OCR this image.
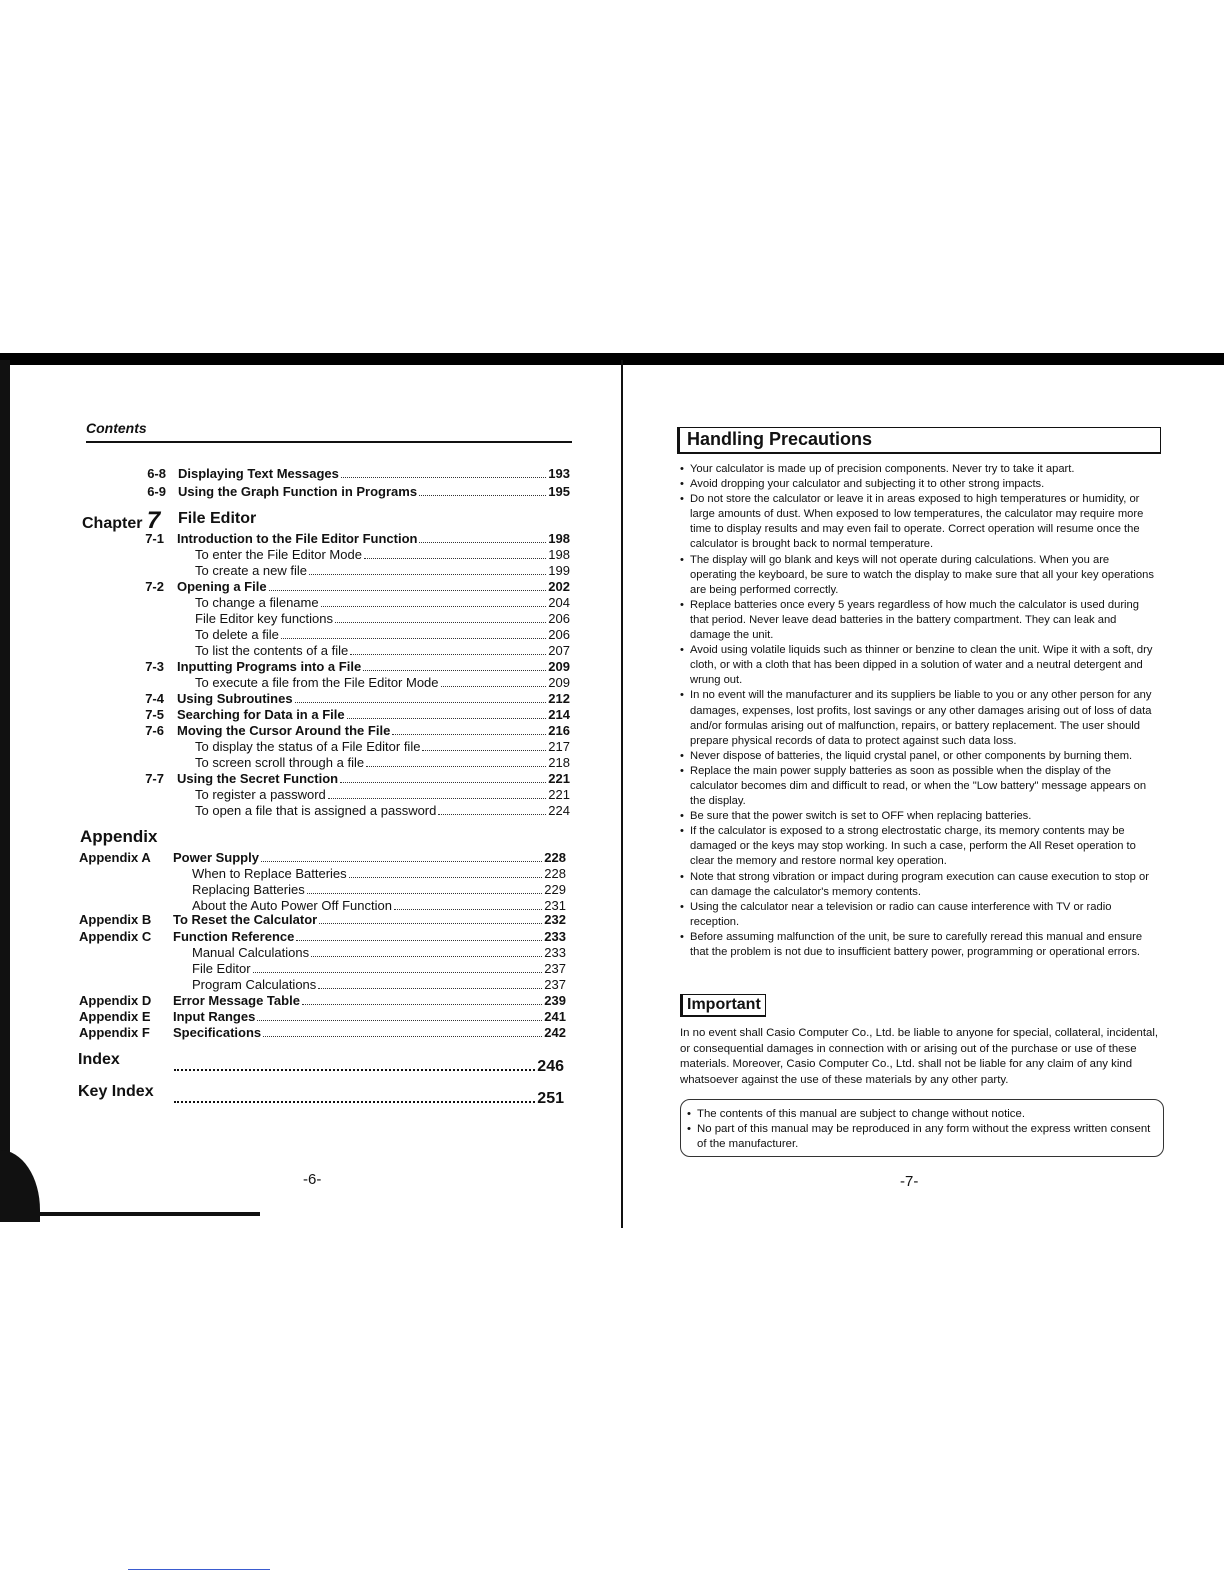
Contents
6-8 Displaying Text Messages	193
6-9 Using the Graph Function in Programs	195
Chapter 7 File Editor
7-1 Introduction to the File Editor Function	198
To enter the File Editor Mode	198
To create a new file	199
7-2 Opening a File	202
To change a filename	204
File Editor key functions	206
To delete a file	206
To list the contents of a file	207
7-3 Inputting Programs into a File	209
To execute a file from the File Editor Mode	209
7-4 Using Subroutines	212
7-5 Searching for Data in a File	214
7-6 Moving the Cursor Around the File	216
To display the status of a File Editor file	217
To screen scroll through a file	218
7-7 Using the Secret Function	221
To register a password	221
To open a file that is assigned a password	224
Appendix
Appendix A Power Supply	228
When to Replace Batteries	228
Replacing Batteries	229
About the Auto Power Off Function	231
Appendix B To Reset the Calculator	232
Appendix C Function Reference	233
Manual Calculations	233
File Editor	237
Program Calculations	237
Appendix D Error Message Table	239
Appendix E Input Ranges	241
Appendix F Specifications	242
Index	246
Key Index	251
-6-
Handling Precautions
• Your calculator is made up of precision components. Never try to take it apart.
• Avoid dropping your calculator and subjecting it to other strong impacts.
• Do not store the calculator or leave it in areas exposed to high temperatures or humidity, or large amounts of dust. When exposed to low temperatures, the calculator may require more time to display results and may even fail to operate. Correct operation will resume once the calculator is brought back to normal temperature.
• The display will go blank and keys will not operate during calculations. When you are operating the keyboard, be sure to watch the display to make sure that all your key operations are being performed correctly.
• Replace batteries once every 5 years regardless of how much the calculator is used during that period. Never leave dead batteries in the battery compartment. They can leak and damage the unit.
• Avoid using volatile liquids such as thinner or benzine to clean the unit. Wipe it with a soft, dry cloth, or with a cloth that has been dipped in a solution of water and a neutral detergent and wrung out.
• In no event will the manufacturer and its suppliers be liable to you or any other person for any damages, expenses, lost profits, lost savings or any other damages arising out of loss of data and/or formulas arising out of malfunction, repairs, or battery replacement. The user should prepare physical records of data to protect against such data loss.
• Never dispose of batteries, the liquid crystal panel, or other components by burning them.
• Replace the main power supply batteries as soon as possible when the display of the calculator becomes dim and difficult to read, or when the "Low battery" message appears on the display.
• Be sure that the power switch is set to OFF when replacing batteries.
• If the calculator is exposed to a strong electrostatic charge, its memory contents may be damaged or the keys may stop working. In such a case, perform the All Reset operation to clear the memory and restore normal key operation.
• Note that strong vibration or impact during program execution can cause execution to stop or can damage the calculator's memory contents.
• Using the calculator near a television or radio can cause interference with TV or radio reception.
• Before assuming malfunction of the unit, be sure to carefully reread this manual and ensure that the problem is not due to insufficient battery power, programming or operational errors.
Important
In no event shall Casio Computer Co., Ltd. be liable to anyone for special, collateral, incidental, or consequential damages in connection with or arising out of the purchase or use of these materials. Moreover, Casio Computer Co., Ltd. shall not be liable for any claim of any kind whatsoever against the use of these materials by any other party.
• The contents of this manual are subject to change without notice.
• No part of this manual may be reproduced in any form without the express written consent of the manufacturer.
-7-
